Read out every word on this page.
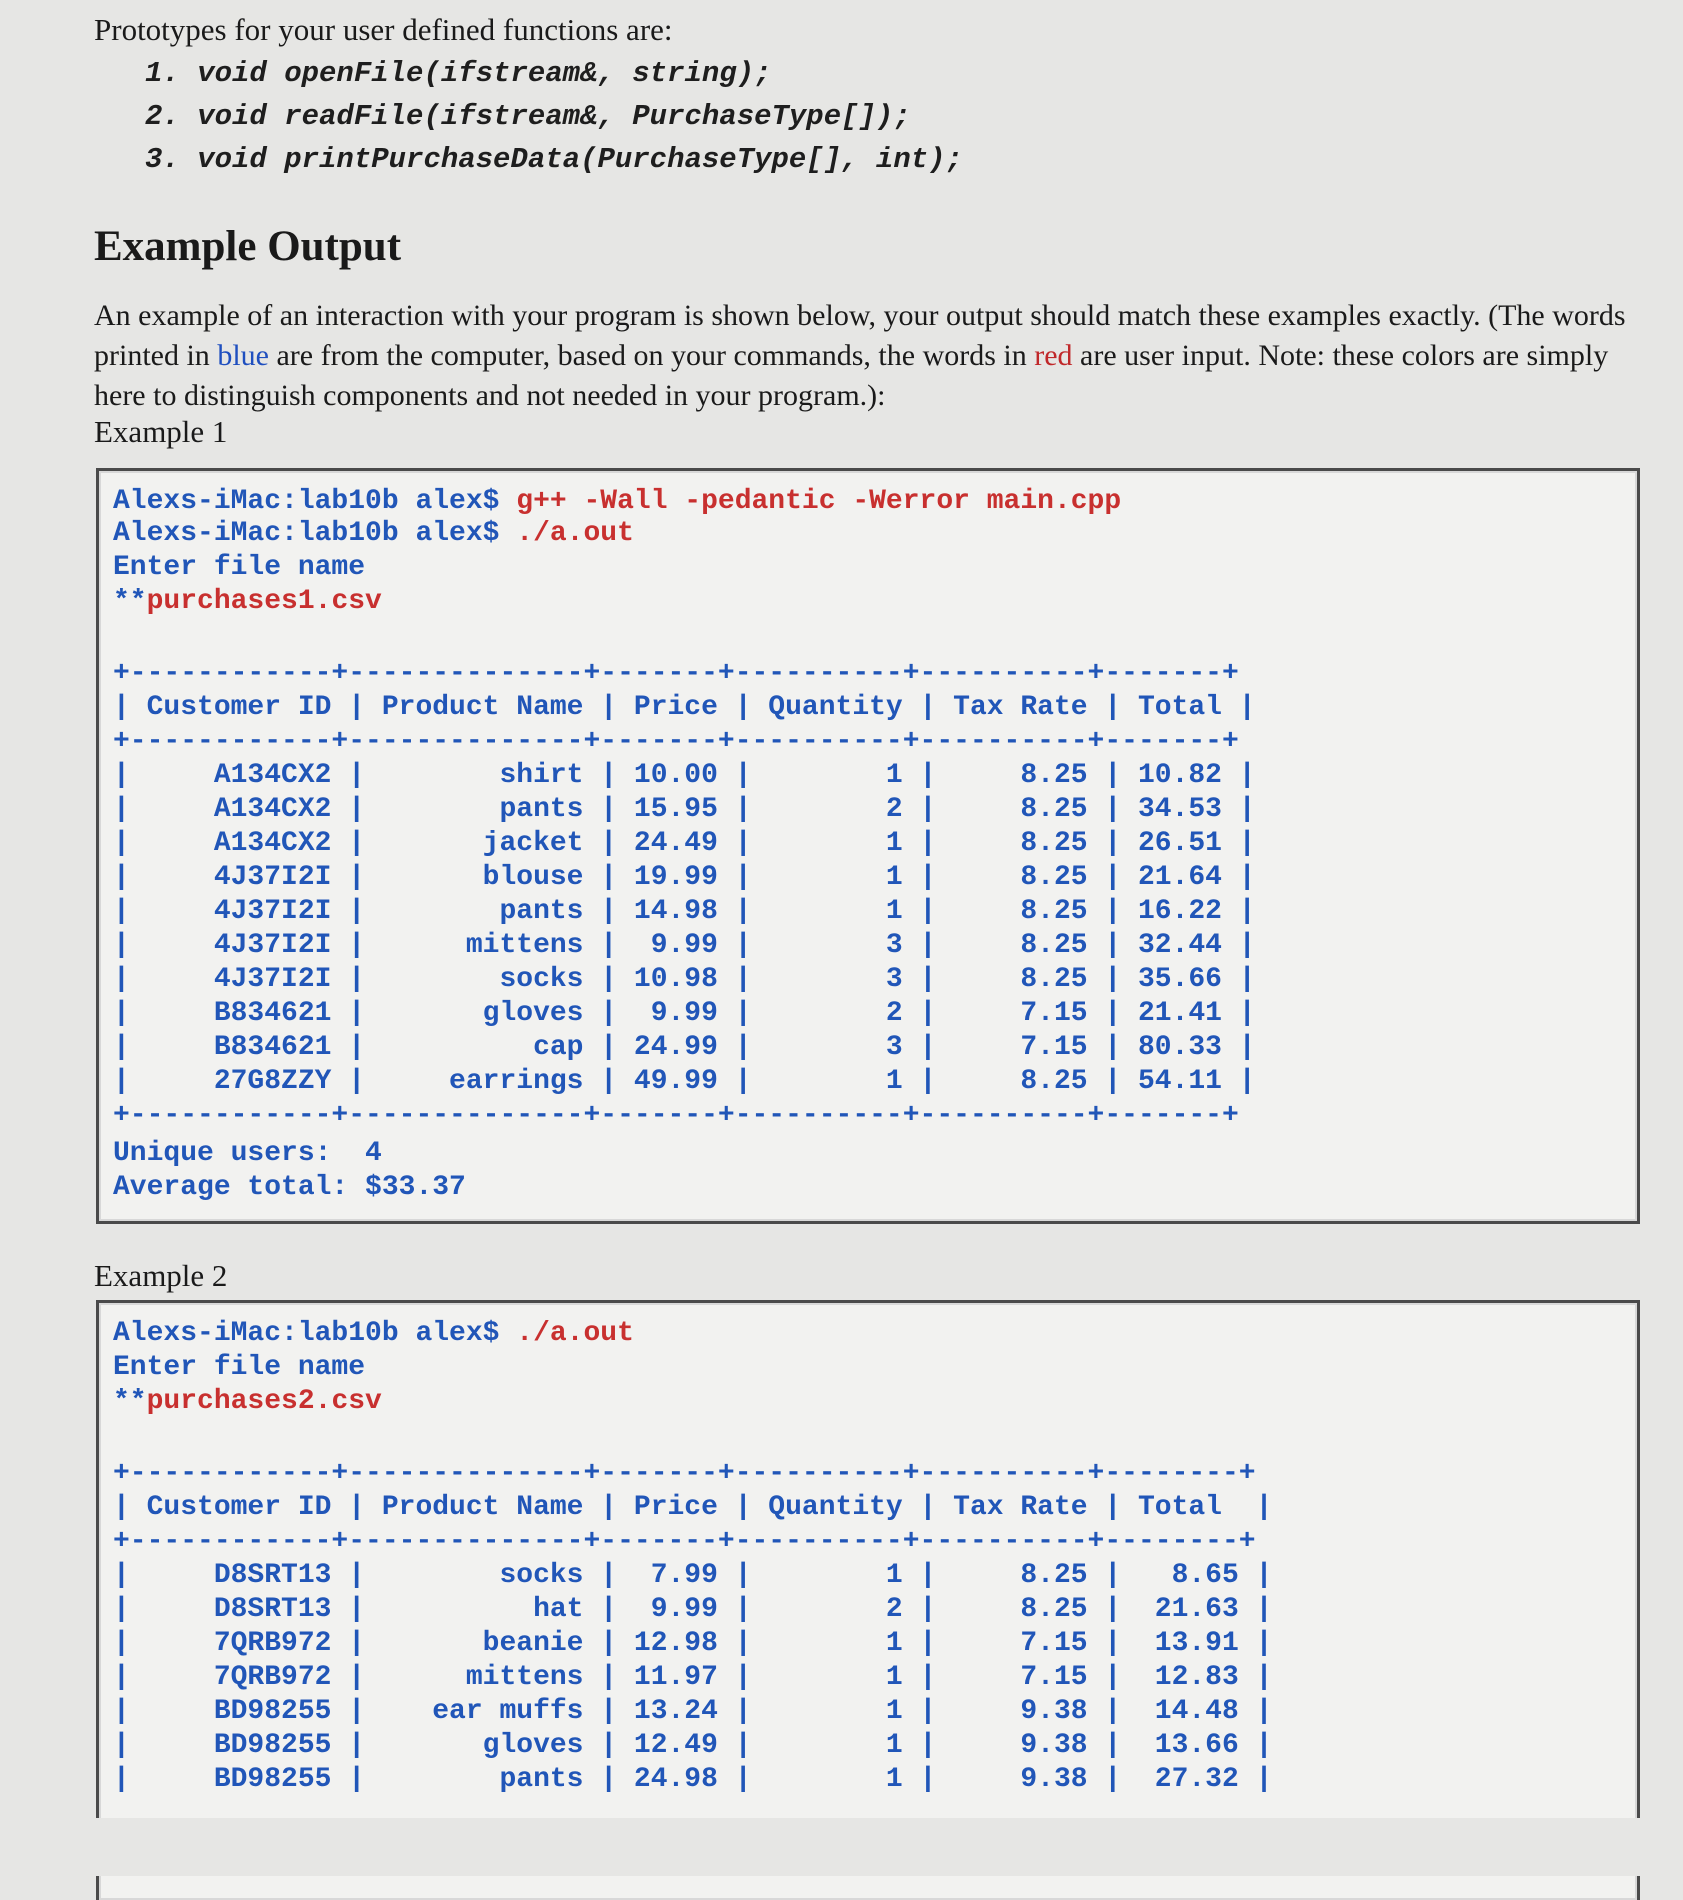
Prototypes for your user defined functions are:

1. void openFile(ifstream&, string);
2. void readFile(ifstream&, PurchaseType[]);
3. void printPurchaseData(PurchaseType[], int);
Example Output

An example of an interaction with your program is shown below, your output should match these examples exactly. (The words printed in blue are from the computer, based on your commands, the words in red are user input. Note: these colors are simply here to distinguish components and not needed in your program.):

Example 1

Alexs-iMac:lab10b alex$ g++ -Wall -pedantic -Werror main.cpp
Alexs-iMac:lab10b alex$ ./a.out
Enter file name
**purchases1.csv
+------------+--------------+-------+----------+----------+-------+
| Customer ID | Product Name | Price | Quantity | Tax Rate | Total |
+------------+--------------+-------+----------+----------+-------+
|     A134CX2 |        shirt | 10.00 |        1 |     8.25 | 10.82 |
|     A134CX2 |        pants | 15.95 |        2 |     8.25 | 34.53 |
|     A134CX2 |       jacket | 24.49 |        1 |     8.25 | 26.51 |
|     4J37I2I |       blouse | 19.99 |        1 |     8.25 | 21.64 |
|     4J37I2I |        pants | 14.98 |        1 |     8.25 | 16.22 |
|     4J37I2I |      mittens |  9.99 |        3 |     8.25 | 32.44 |
|     4J37I2I |        socks | 10.98 |        3 |     8.25 | 35.66 |
|     B834621 |       gloves |  9.99 |        2 |     7.15 | 21.41 |
|     B834621 |          cap | 24.99 |        3 |     7.15 | 80.33 |
|     27G8ZZY |     earrings | 49.99 |        1 |     8.25 | 54.11 |
+------------+--------------+-------+----------+----------+-------+
Unique users:  4
Average total: $33.37

Example 2

Alexs-iMac:lab10b alex$ ./a.out
Enter file name
**purchases2.csv
+------------+--------------+-------+----------+----------+--------+
| Customer ID | Product Name | Price | Quantity | Tax Rate | Total  |
+------------+--------------+-------+----------+----------+--------+
|     D8SRT13 |        socks |  7.99 |        1 |     8.25 |   8.65 |
|     D8SRT13 |          hat |  9.99 |        2 |     8.25 |  21.63 |
|     7QRB972 |       beanie | 12.98 |        1 |     7.15 |  13.91 |
|     7QRB972 |      mittens | 11.97 |        1 |     7.15 |  12.83 |
|     BD98255 |    ear muffs | 13.24 |        1 |     9.38 |  14.48 |
|     BD98255 |       gloves | 12.49 |        1 |     9.38 |  13.66 |
|     BD98255 |        pants | 24.98 |        1 |     9.38 |  27.32 |
